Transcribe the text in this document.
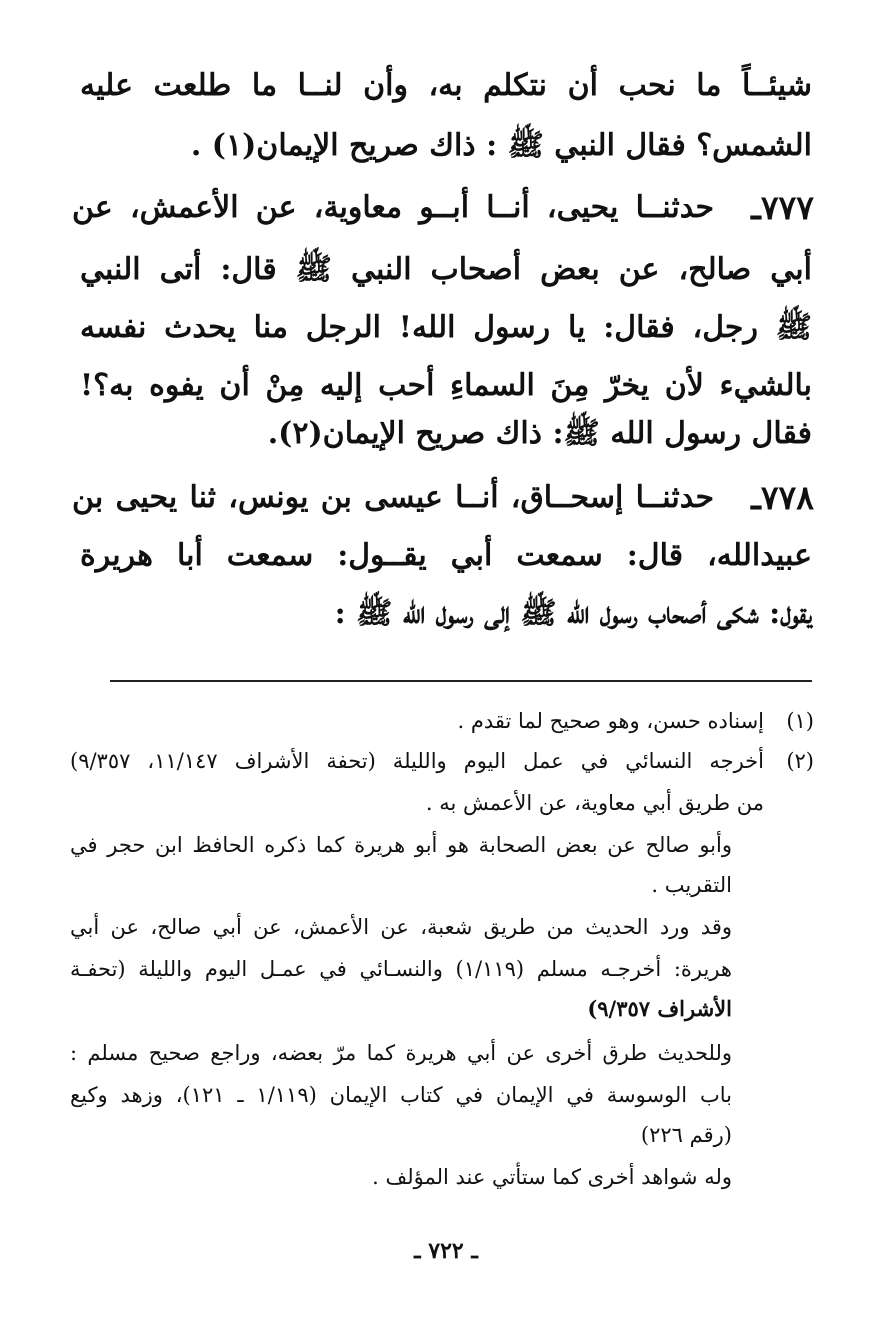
شيئــاً ما نحب أن نتكلم به، وأن لنــا ما طلعت عليه
الشمس؟ فقال النبي ﷺ : ذاك صريح الإيمان(١) .
٧٧٧ـ
حدثنــا يحيى، أنــا أبــو معاوية، عن الأعمش، عن
أبي صالح، عن بعض أصحاب النبي ﷺ قال: أتى النبي
ﷺ رجل، فقال: يا رسول الله! الرجل منا يحدث نفسه
بالشيء لأن يخرّ مِنَ السماءِ أحب إليه مِنْ أن يفوه به؟!
فقال رسول الله ﷺ: ذاك صريح الإيمان(٢).
٧٧٨ـ
حدثنــا إسحــاق، أنــا عيسى بن يونس، ثنا يحيى بن
عبيدالله، قال: سمعت أبي يقــول: سمعت أبا هريرة
يقول: شكى أصحاب رسول الله ﷺ إلى رسول الله ﷺ :
(١)
إسناده حسن، وهو صحيح لما تقدم .
(٢)
أخرجه النسائي في عمل اليوم والليلة (تحفة الأشراف ١١/١٤٧، ٩/٣٥٧)
من طريق أبي معاوية، عن الأعمش به .
وأبو صالح عن بعض الصحابة هو أبو هريرة كما ذكره الحافظ ابن حجر في
التقريب .
وقد ورد الحديث من طريق شعبة، عن الأعمش، عن أبي صالح، عن أبي
هريرة: أخرجـه مسلم (١/١١٩) والنسـائي في عمـل اليوم والليلة (تحفـة
الأشراف ٩/٣٥٧)
وللحديث طرق أخرى عن أبي هريرة كما مرّ بعضه، وراجع صحيح مسلم :
باب الوسوسة في الإيمان في كتاب الإيمان (١/١١٩ ـ ١٢١)، وزهد وكيع
(رقم ٢٢٦)
وله شواهد أخرى كما ستأتي عند المؤلف .
ـ ٧٢٢ ـ
